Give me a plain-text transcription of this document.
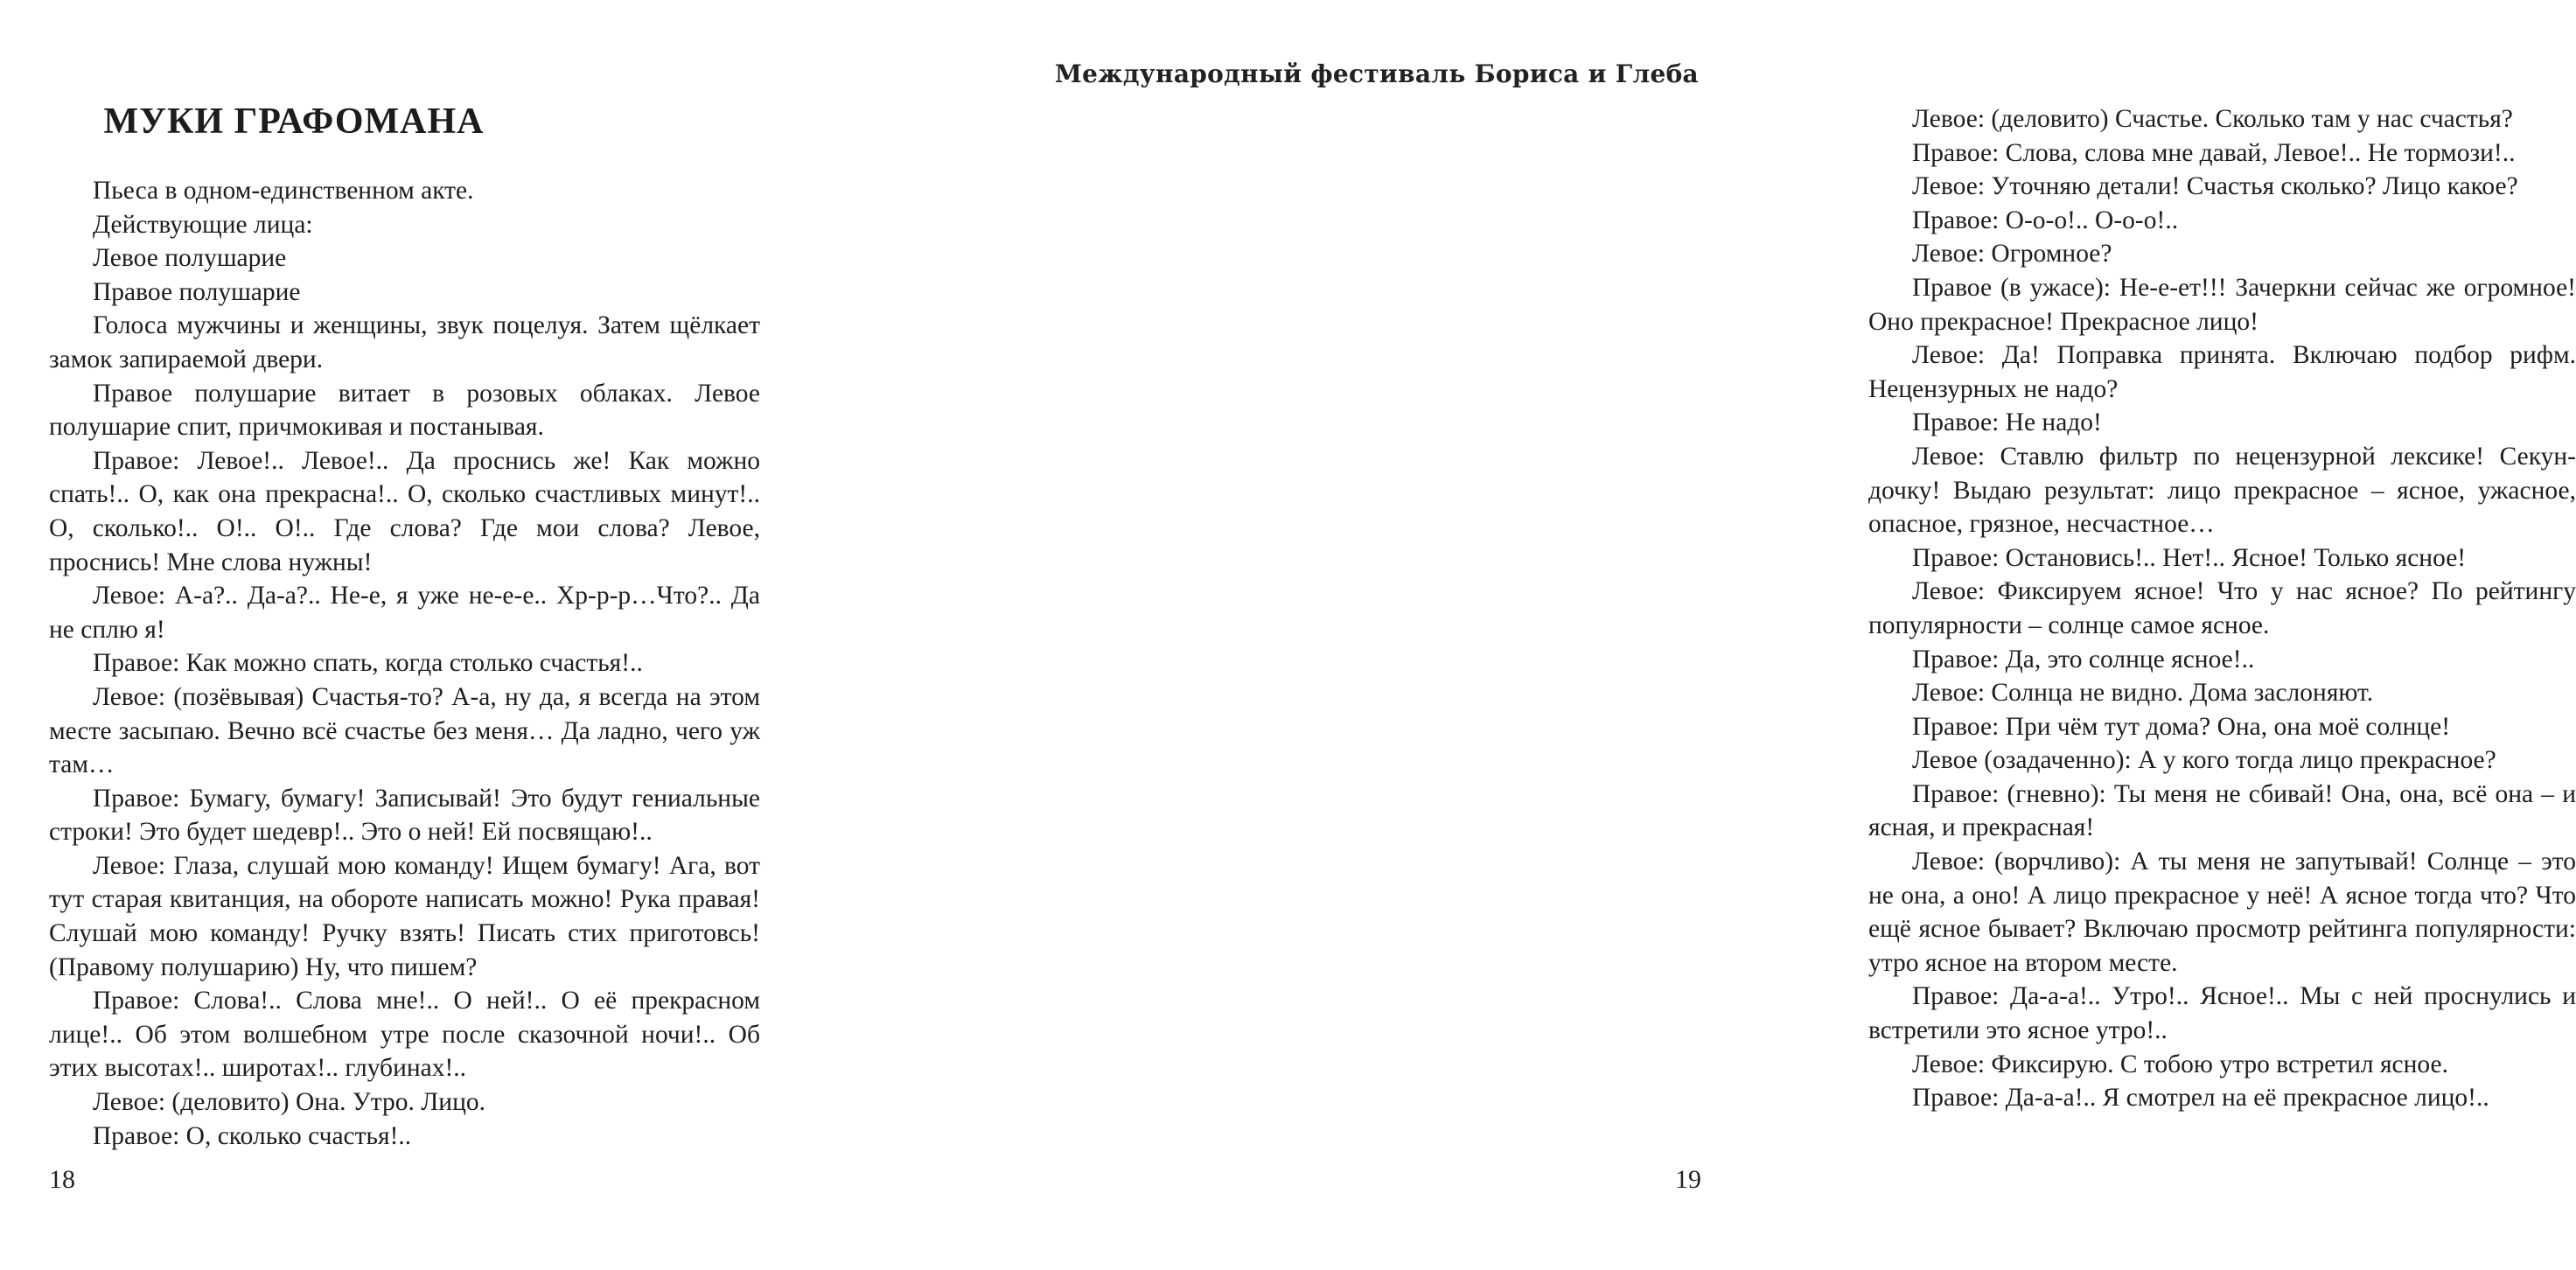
МУКИ ГРАФОМАНА

Пьеса в одном-единственном акте.

Действующие лица:

Левое полушарие

Правое полушарие

Голоса мужчины и женщины, звук поцелуя. Затем щёлкает замок запираемой двери.

Правое полушарие витает в розовых облаках. Левое полушарие спит, причмокивая и постанывая.

Правое: Левое!.. Левое!.. Да проснись же! Как можно спать!.. О, как она прекрасна!.. О, сколько счастливых минут!.. О, сколько!.. О!.. О!.. Где слова? Где мои слова? Левое, проснись! Мне слова нужны!

Левое: А-а?.. Да-а?.. Не-е, я уже не-е-е.. Хр-р-р…Что?.. Да не сплю я!

Правое: Как можно спать, когда столько счастья!..

Левое: (позёвывая) Счастья-то? А-а, ну да, я всегда на этом месте засыпаю. Вечно всё счастье без меня… Да ладно, чего уж там…

Правое: Бумагу, бумагу! Записывай! Это будут гениальные строки! Это будет шедевр!.. Это о ней! Ей посвящаю!..

Левое: Глаза, слушай мою команду! Ищем бумагу! Ага, вот тут старая квитанция, на обороте написать можно! Рука правая! Слушай мою команду! Ручку взять! Писать стих приготовсь! (Правому полушарию) Ну, что пишем?

Правое: Слова!.. Слова мне!.. О ней!.. О её прекрасном лице!.. Об этом волшебном утре после сказочной ночи!.. Об этих высотах!.. широтах!.. глубинах!..

Левое: (деловито) Она. Утро. Лицо.

Правое: О, сколько счастья!..

18
Международный фестиваль Бориса и Глеба

Левое: (деловито) Счастье. Сколько там у нас счастья?

Правое: Слова, слова мне давай, Левое!.. Не тормози!..

Левое: Уточняю детали! Счастья сколько? Лицо какое?

Правое: О-о-о!.. О-о-о!..

Левое: Огромное?

Правое (в ужасе): Не-е-ет!!! Зачеркни сейчас же огромное! Оно прекрасное! Прекрасное лицо!

Левое: Да! Поправка принята. Включаю подбор рифм. Нецензурных не надо?

Правое: Не надо!

Левое: Ставлю фильтр по нецензурной лексике! Секундочку! Выдаю результат: лицо прекрасное – ясное, ужасное, опасное, грязное, несчастное…

Правое: Остановись!.. Нет!.. Ясное! Только ясное!

Левое: Фиксируем ясное! Что у нас ясное? По рейтингу популярности – солнце самое ясное.

Правое: Да, это солнце ясное!..

Левое: Солнца не видно. Дома заслоняют.

Правое: При чём тут дома? Она, она моё солнце!

Левое (озадаченно): А у кого тогда лицо прекрасное?

Правое: (гневно): Ты меня не сбивай! Она, она, всё она – и ясная, и прекрасная!

Левое: (ворчливо): А ты меня не запутывай! Солнце – это не она, а оно! А лицо прекрасное у неё! А ясное тогда что? Что ещё ясное бывает? Включаю просмотр рейтинга популярности: утро ясное на втором месте.

Правое: Да-а-а!.. Утро!.. Ясное!.. Мы с ней проснулись и встретили это ясное утро!..

Левое: Фиксирую. С тобою утро встретил ясное.

Правое: Да-а-а!.. Я смотрел на её прекрасное лицо!..

19
